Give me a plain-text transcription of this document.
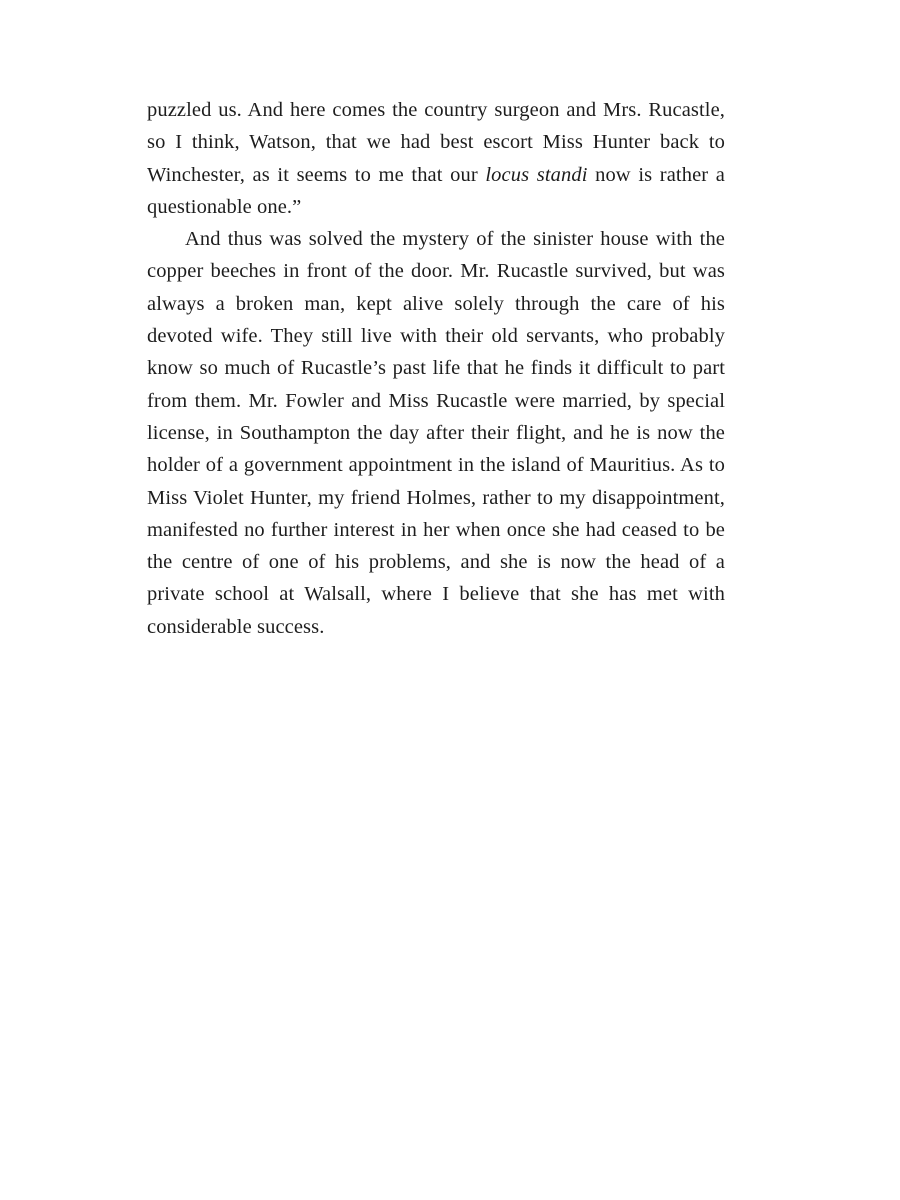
puzzled us. And here comes the country surgeon and Mrs. Rucastle, so I think, Watson, that we had best escort Miss Hunter back to Winchester, as it seems to me that our locus standi now is rather a questionable one.”

And thus was solved the mystery of the sinister house with the copper beeches in front of the door. Mr. Rucastle survived, but was always a broken man, kept alive solely through the care of his devoted wife. They still live with their old servants, who probably know so much of Rucastle’s past life that he finds it difficult to part from them. Mr. Fowler and Miss Rucastle were married, by special license, in Southampton the day after their flight, and he is now the holder of a government appointment in the island of Mauritius. As to Miss Violet Hunter, my friend Holmes, rather to my disappointment, manifested no further interest in her when once she had ceased to be the centre of one of his problems, and she is now the head of a private school at Walsall, where I believe that she has met with considerable success.
